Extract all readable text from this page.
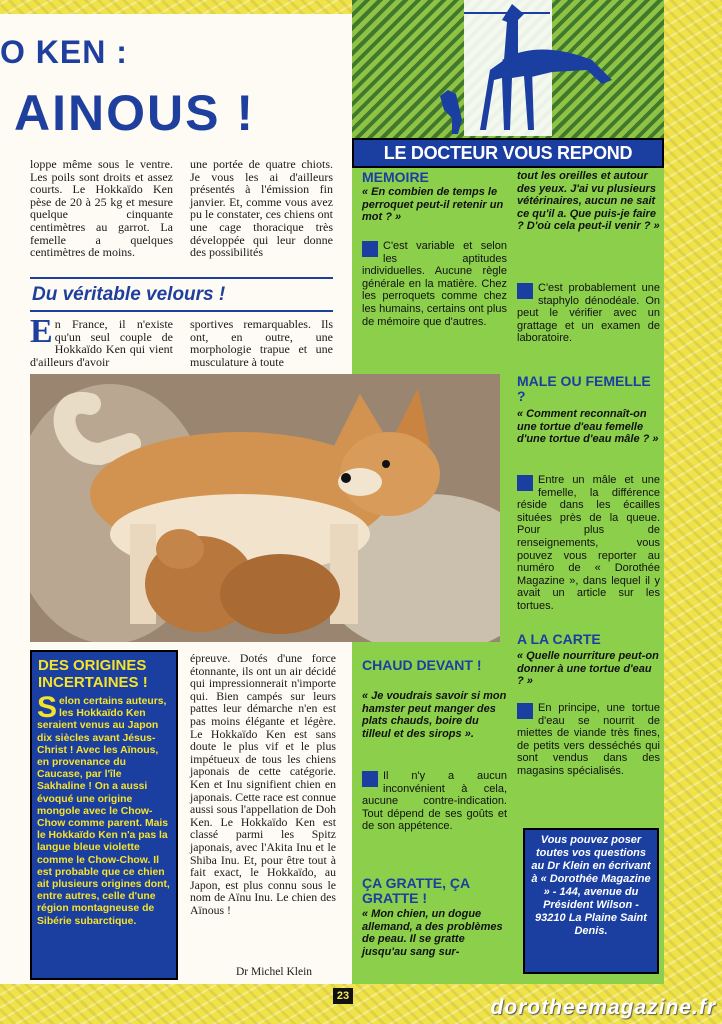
LE DOCTEUR VOUS REPOND
O KEN :
AINOUS !
loppe même sous le ventre. Les poils sont droits et assez courts. Le Hokkaïdo Ken pèse de 20 à 25 kg et mesure quelque cinquante centimètres au garrot. La femelle a quelques centimètres de moins.
une portée de quatre chiots. Je vous les ai d'ailleurs présentés à l'émission fin janvier. Et, comme vous avez pu le constater, ces chiens ont une cage thoracique très développée qui leur donne des possibilités
Du véritable velours !
En France, il n'existe qu'un seul couple de Hokkaïdo Ken qui vient d'ailleurs d'avoir
sportives remarquables. Ils ont, en outre, une morphologie trapue et une musculature à toute
DES ORIGINES INCERTAINES !
Selon certains auteurs, les Hokkaïdo Ken seraient venus au Japon dix siècles avant Jésus-Christ ! Avec les Aïnous, en provenance du Caucase, par l'île Sakhaline ! On a aussi évoqué une origine mongole avec le Chow-Chow comme parent. Mais le Hokkaïdo Ken n'a pas la langue bleue violette comme le Chow-Chow. Il est probable que ce chien ait plusieurs origines dont, entre autres, celle d'une région montagneuse de Sibérie subarctique.
épreuve. Dotés d'une force étonnante, ils ont un air décidé qui impressionnerait n'importe qui. Bien campés sur leurs pattes leur démarche n'en est pas moins élégante et légère. Le Hokkaïdo Ken est sans doute le plus vif et le plus impétueux de tous les chiens japonais de cette catégorie. Ken et Inu signifient chien en japonais. Cette race est connue aussi sous l'appellation de Doh Ken. Le Hokkaïdo Ken est classé parmi les Spitz japonais, avec l'Akita Inu et le Shiba Inu. Et, pour être tout à fait exact, le Hokkaïdo, au Japon, est plus connu sous le nom de Aïnu Inu. Le chien des Aïnous !
Dr Michel Klein
MEMOIRE
« En combien de temps le perroquet peut-il retenir un mot ? »
C'est variable et selon les aptitudes individuelles. Aucune règle générale en la matière. Chez les perroquets comme chez les humains, certains ont plus de mémoire que d'autres.
CHAUD DEVANT !
« Je voudrais savoir si mon hamster peut manger des plats chauds, boire du tilleul et des sirops ».
Il n'y a aucun inconvénient à cela, aucune contre-indication. Tout dépend de ses goûts et de son appétence.
ÇA GRATTE, ÇA GRATTE !
« Mon chien, un dogue allemand, a des problèmes de peau. Il se gratte jusqu'au sang sur-
tout les oreilles et autour des yeux. J'ai vu plusieurs vétérinaires, aucun ne sait ce qu'il a. Que puis-je faire ? D'où cela peut-il venir ? »
C'est probablement une staphylo dénodéale. On peut le vérifier avec un grattage et un examen de laboratoire.
MALE OU FEMELLE ?
« Comment reconnaît-on une tortue d'eau femelle d'une tortue d'eau mâle ? »
Entre un mâle et une femelle, la différence réside dans les écailles situées près de la queue. Pour plus de renseignements, vous pouvez vous reporter au numéro de « Dorothée Magazine », dans lequel il y avait un article sur les tortues.
A LA CARTE
« Quelle nourriture peut-on donner à une tortue d'eau ? »
En principe, une tortue d'eau se nourrit de miettes de viande très fines, de petits vers desséchés qui sont vendus dans des magasins spécialisés.
Vous pouvez poser toutes vos questions au Dr Klein en écrivant à « Dorothée Magazine » - 144, avenue du Président Wilson - 93210 La Plaine Saint Denis.
23	dorotheemagazine.fr
